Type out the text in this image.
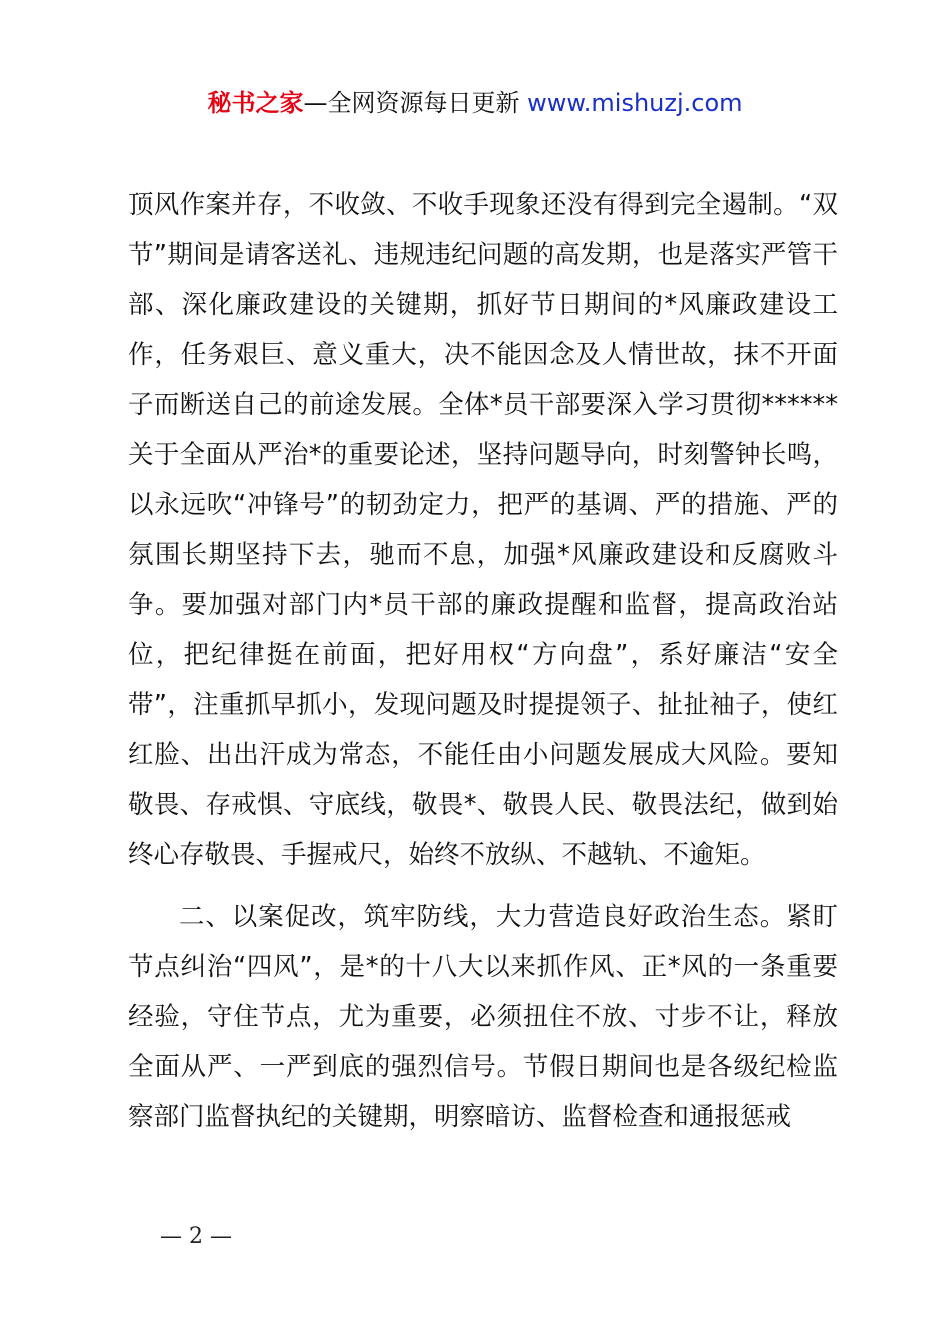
秘书之家—全网资源每日更新 www.mishuzj.com

顶风作案并存，不收敛、不收手现象还没有得到完全遏制。“双节”期间是请客送礼、违规违纪问题的高发期，也是落实严管干部、深化廉政建设的关键期，抓好节日期间的*风廉政建设工作，任务艰巨、意义重大，决不能因念及人情世故，抹不开面子而断送自己的前途发展。全体*员干部要深入学习贯彻******关于全面从严治*的重要论述，坚持问题导向，时刻警钟长鸣，以永远吹“冲锋号”的韧劲定力，把严的基调、严的措施、严的氛围长期坚持下去，驰而不息，加强*风廉政建设和反腐败斗争。要加强对部门内*员干部的廉政提醒和监督，提高政治站位，把纪律挺在前面，把好用权“方向盘”，系好廉洁“安全带”，注重抓早抓小，发现问题及时提提领子、扯扯袖子，使红红脸、出出汗成为常态，不能任由小问题发展成大风险。要知敬畏、存戒惧、守底线，敬畏*、敬畏人民、敬畏法纪，做到始终心存敬畏、手握戒尺，始终不放纵、不越轨、不逾矩。

二、以案促改，筑牢防线，大力营造良好政治生态。紧盯节点纠治“四风”，是*的十八大以来抓作风、正*风的一条重要经验，守住节点，尤为重要，必须扭住不放、寸步不让，释放全面从严、一严到底的强烈信号。节假日期间也是各级纪检监察部门监督执纪的关键期，明察暗访、监督检查和通报惩戒

— 2 —
